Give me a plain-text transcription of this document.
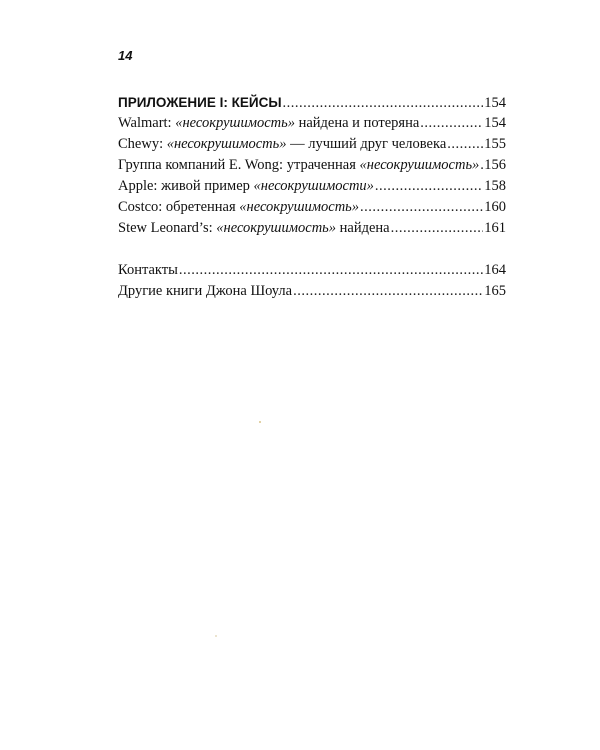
14
ПРИЛОЖЕНИЕ I: КЕЙСЫ .....	154
Walmart: «несокрушимость» найдена и потеряна .....	154
Chewy: «несокрушимость» — лучший друг человека .....	155
Группа компаний E. Wong: утраченная «несокрушимость» ..... 156
Apple: живой пример «несокрушимости» .....	158
Costco: обретенная «несокрушимость» .....	160
Stew Leonard’s: «несокрушимость» найдена .....	161
Контакты .....	164
Другие книги Джона Шоула .....	165
